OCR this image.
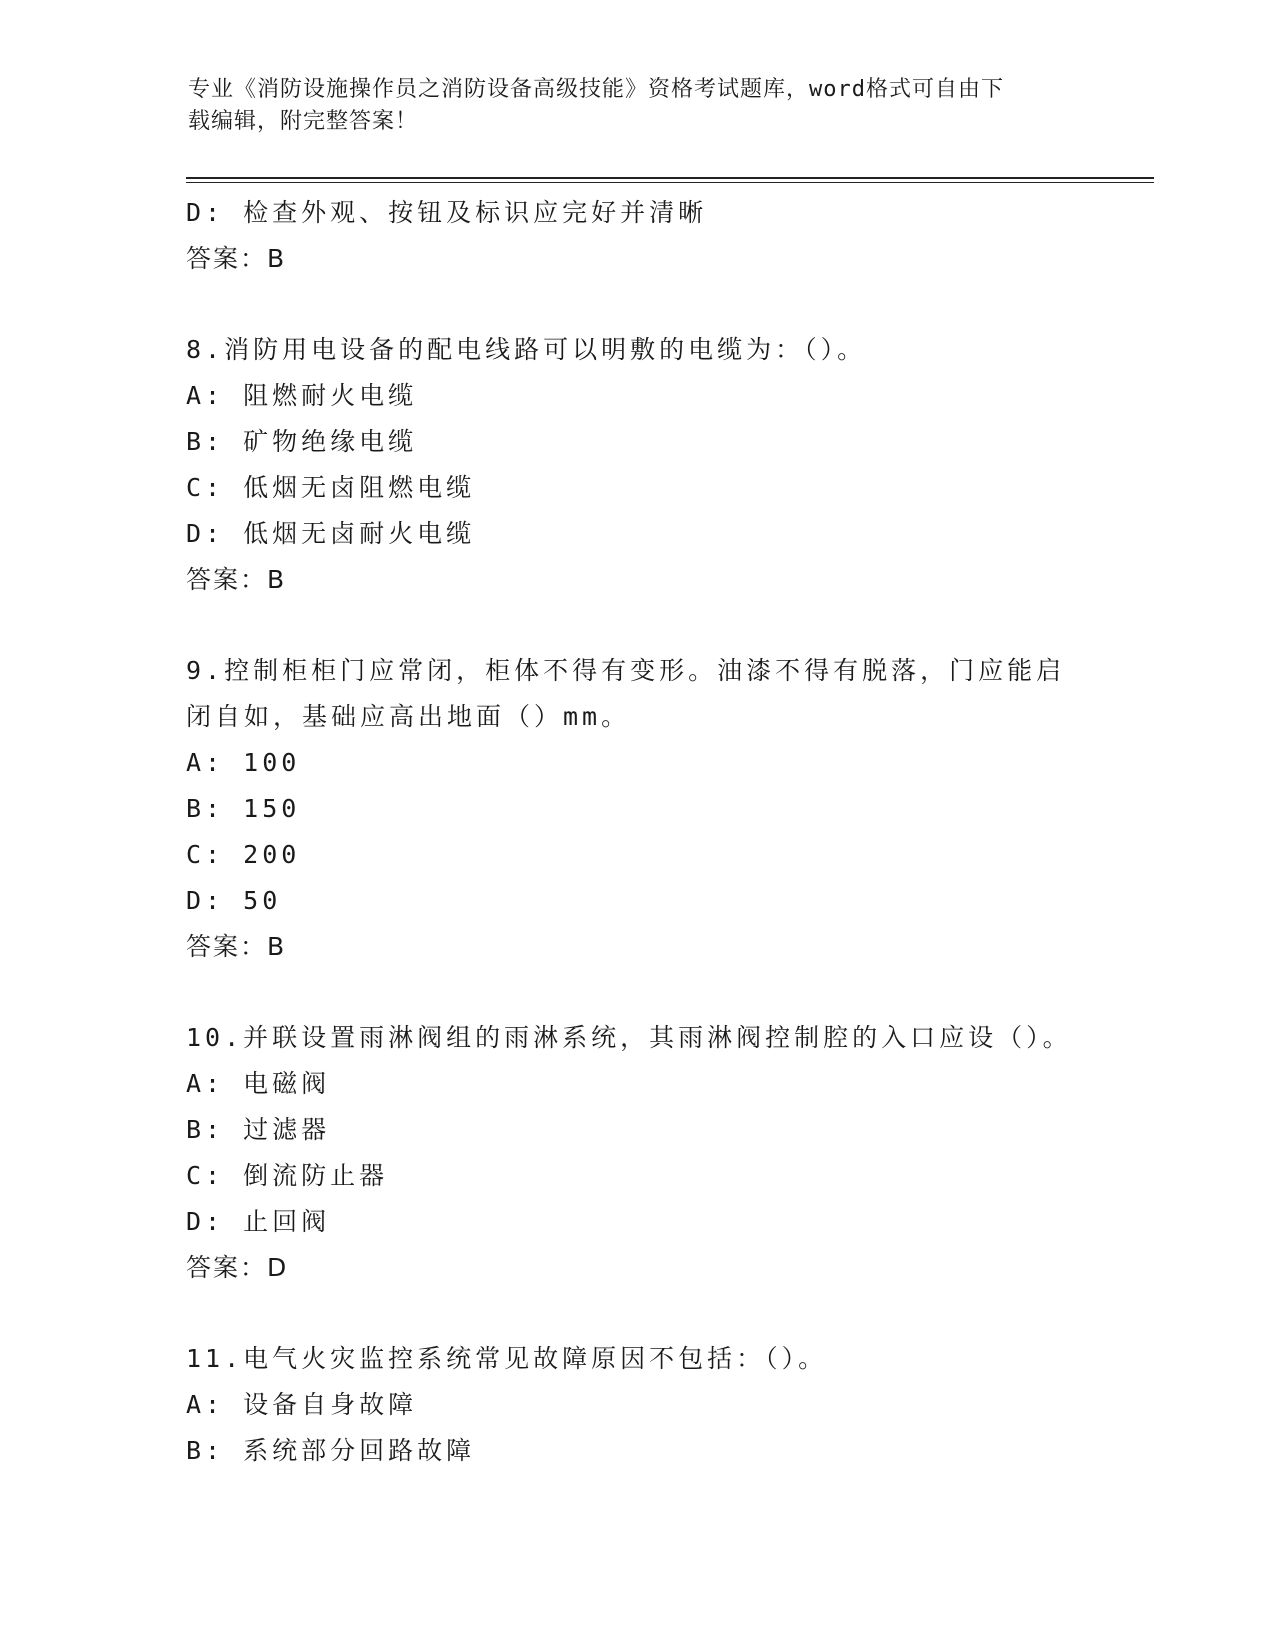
专业《消防设施操作员之消防设备高级技能》资格考试题库，word格式可自由下
载编辑，附完整答案！
D: 检查外观、按钮及标识应完好并清晰
答案：B
8.消防用电设备的配电线路可以明敷的电缆为：（）。
A: 阻燃耐火电缆
B: 矿物绝缘电缆
C: 低烟无卤阻燃电缆
D: 低烟无卤耐火电缆
答案：B
9.控制柜柜门应常闭，柜体不得有变形。油漆不得有脱落，门应能启
闭自如，基础应高出地面（）mm。
A: 100
B: 150
C: 200
D: 50
答案：B
10.并联设置雨淋阀组的雨淋系统，其雨淋阀控制腔的入口应设（）。
A: 电磁阀
B: 过滤器
C: 倒流防止器
D: 止回阀
答案：D
11.电气火灾监控系统常见故障原因不包括：（）。
A: 设备自身故障
B: 系统部分回路故障
